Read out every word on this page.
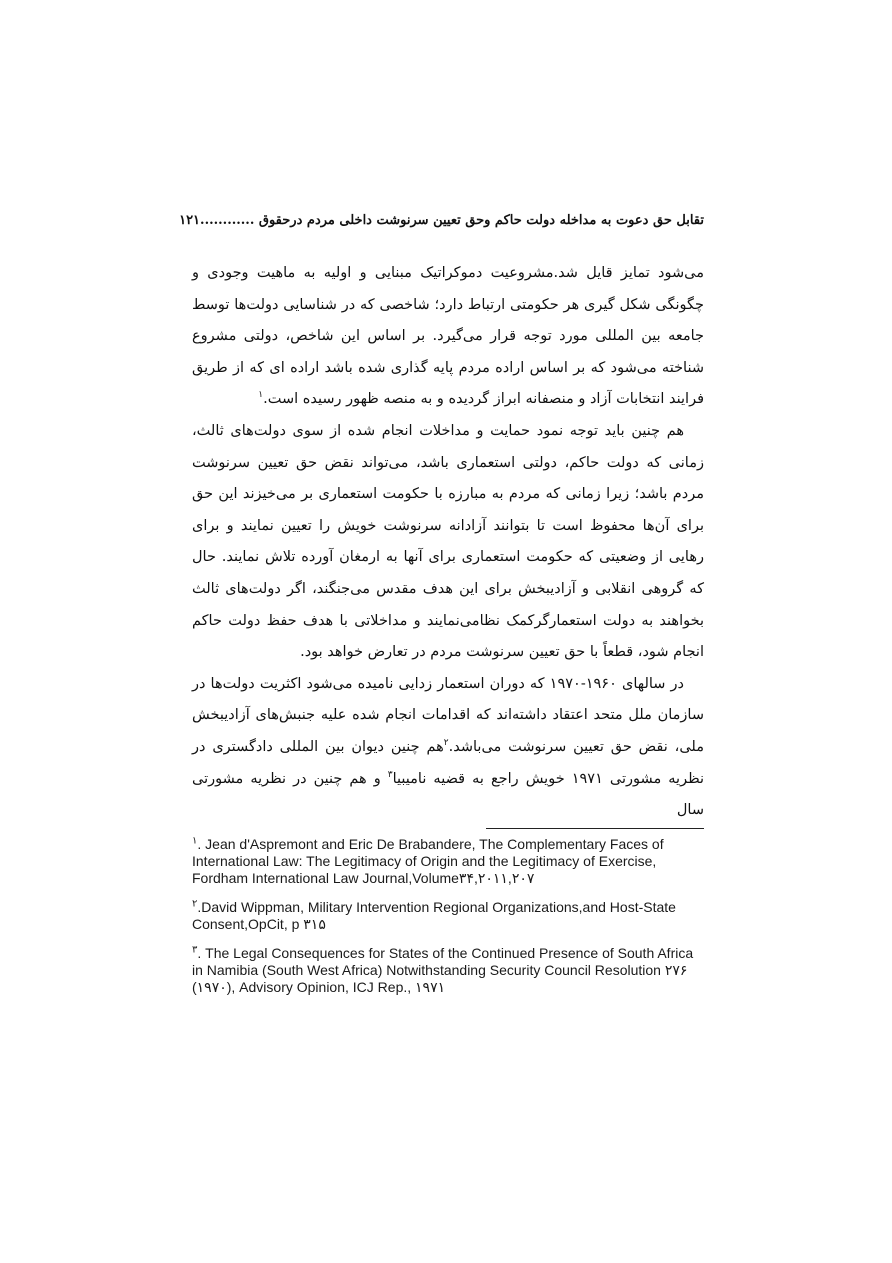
تقابل حق دعوت به مداخله دولت حاکم وحق تعیین سرنوشت داخلی مردم درحقوق ............۱۲۱

می‌شود تمایز قایل شد.مشروعیت دموکراتیک مبنایی و اولیه به ماهیت وجودی و چگونگی شکل گیری هر حکومتی ارتباط دارد؛ شاخصی که در شناسایی دولت‌ها توسط جامعه بین المللی مورد توجه قرار می‌گیرد. بر اساس این شاخص، دولتی مشروع شناخته می‌شود که بر اساس اراده مردم پایه گذاری شده باشد اراده ای که از طریق فرایند انتخابات آزاد و منصفانه ابراز گردیده و به منصه ظهور رسیده است.$^۱$

هم چنین باید توجه نمود حمایت و مداخلات انجام شده از سوی دولت‌های ثالث، زمانی که دولت حاکم، دولتی استعماری باشد، می‌تواند نقض حق تعیین سرنوشت مردم باشد؛ زیرا زمانی که مردم به مبارزه با حکومت استعماری بر می‌خیزند این حق برای آن‌ها محفوظ است تا بتوانند آزادانه سرنوشت خویش را تعیین نمایند و برای رهایی از وضعیتی که حکومت استعماری برای آنها به ارمغان آورده تلاش نمایند. حال که گروهی انقلابی و آزادیبخش برای این هدف مقدس می‌جنگند، اگر دولت‌های ثالث بخواهند به دولت استعمارگرکمک نظامی‌نمایند و مداخلاتی با هدف حفظ دولت حاکم انجام شود، قطعاً با حق تعیین سرنوشت مردم در تعارض خواهد بود.

در سالهای ۱۹۶۰-۱۹۷۰ که دوران استعمار زدایی نامیده می‌شود اکثریت دولت‌ها در سازمان ملل متحد اعتقاد داشته‌اند که اقدامات انجام شده علیه جنبش‌های آزادیبخش ملی، نقض حق تعیین سرنوشت می‌باشد.$^۲$هم چنین دیوان بین المللی دادگستری در نظریه مشورتی ۱۹۷۱ خویش راجع به قضیه نامیبیا$^۳$ و هم چنین در نظریه مشورتی سال

$^۱$. Jean d'Aspremont and Eric De Brabandere, The Complementary Faces of International Law: The Legitimacy of Origin and the Legitimacy of Exercise, Fordham International Law Journal,Volume۳۴,۲۰۱۱,۲۰۷

$^۲$.David Wippman, Military Intervention Regional Organizations,and Host-State Consent,OpCit, p ۳۱۵

$^۳$. The Legal Consequences for States of the Continued Presence of South Africa in Namibia (South West Africa) Notwithstanding Security Council Resolution ۲۷۶ (۱۹۷۰), Advisory Opinion, ICJ Rep., ۱۹۷۱
